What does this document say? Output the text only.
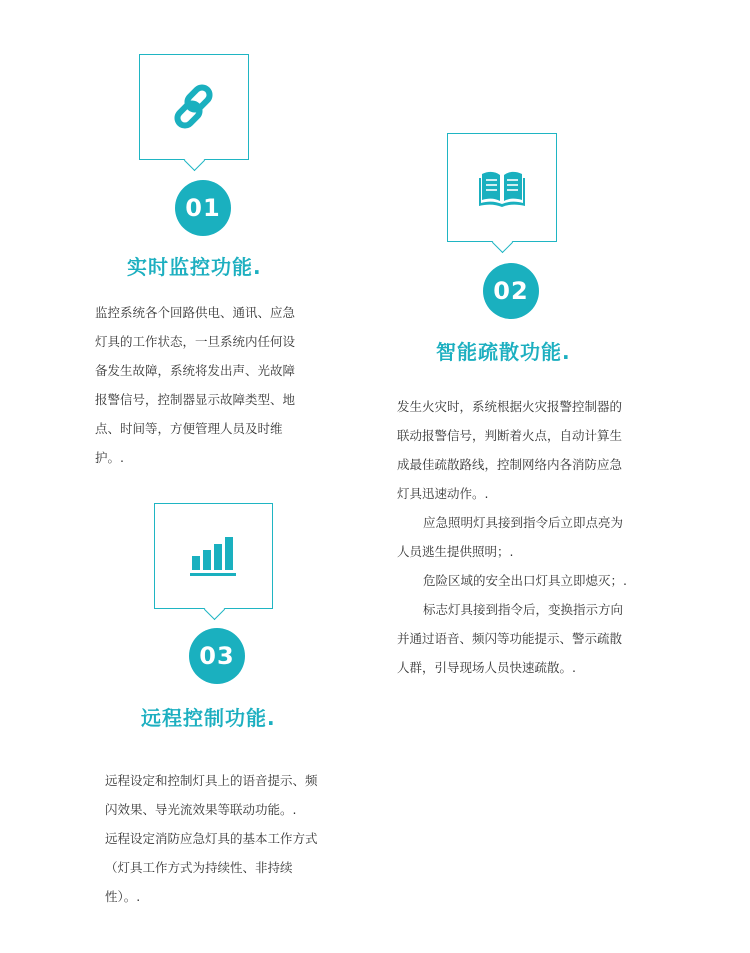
01
实时监控功能.

监控系统各个回路供电、通讯、应急灯具的工作状态，一旦系统内任何设备发生故障，系统将发出声、光故障报警信号，控制器显示故障类型、地点、时间等，方便管理人员及时维护。.

02
智能疏散功能.

发生火灾时，系统根据火灾报警控制器的联动报警信号，判断着火点，自动计算生成最佳疏散路线，控制网络内各消防应急灯具迅速动作。.

应急照明灯具接到指令后立即点亮为人员逃生提供照明；.

危险区域的安全出口灯具立即熄灭；.

标志灯具接到指令后，变换指示方向并通过语音、频闪等功能提示、警示疏散人群，引导现场人员快速疏散。.

03
远程控制功能.

远程设定和控制灯具上的语音提示、频闪效果、导光流效果等联动功能。.

远程设定消防应急灯具的基本工作方式（灯具工作方式为持续性、非持续性）。.
